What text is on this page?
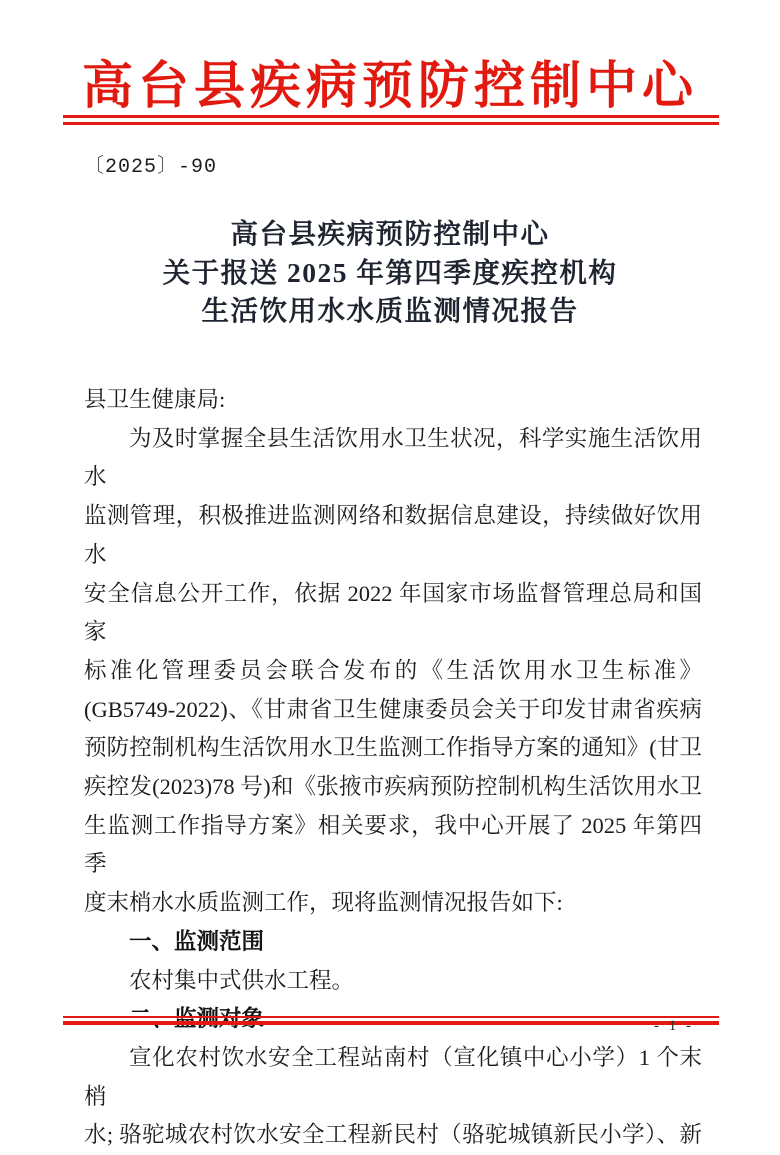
高台县疾病预防控制中心
〔2025〕-90
高台县疾病预防控制中心
关于报送 2025 年第四季度疾控机构
生活饮用水水质监测情况报告
县卫生健康局:
为及时掌握全县生活饮用水卫生状况，科学实施生活饮用水
监测管理，积极推进监测网络和数据信息建设，持续做好饮用水
安全信息公开工作，依据 2022 年国家市场监督管理总局和国家
标准化管理委员会联合发布的《生活饮用水卫生标准》
(GB5749-2022)、《甘肃省卫生健康委员会关于印发甘肃省疾病
预防控制机构生活饮用水卫生监测工作指导方案的通知》(甘卫
疾控发(2023)78 号)和《张掖市疾病预防控制机构生活饮用水卫
生监测工作指导方案》相关要求，我中心开展了 2025 年第四季
度末梢水水质监测工作，现将监测情况报告如下:
一、监测范围
农村集中式供水工程。
二、监测对象
宣化农村饮水安全工程站南村（宣化镇中心小学）1 个末梢
水; 骆驼城农村饮水安全工程新民村（骆驼城镇新民小学）、新
- 1 -
